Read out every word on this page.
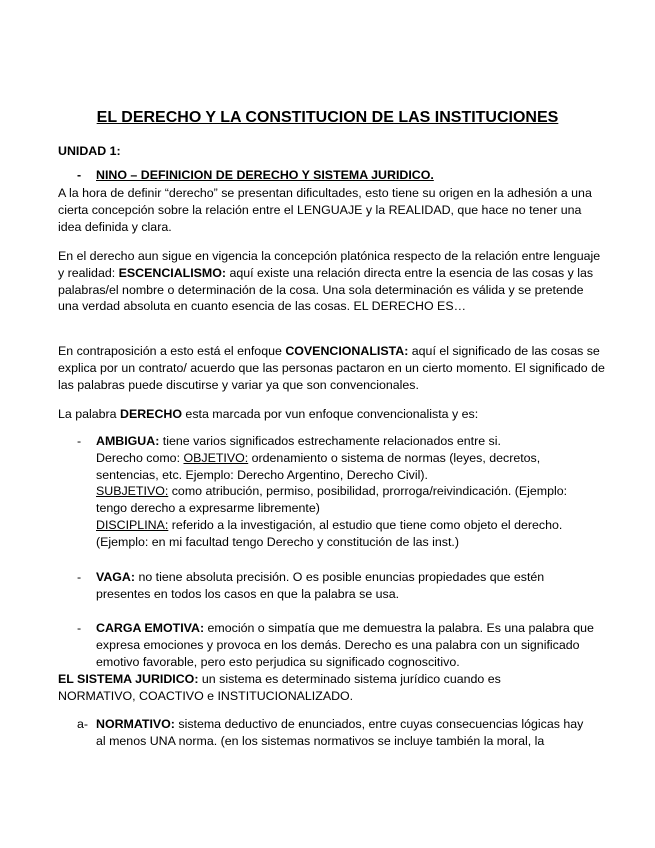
EL DERECHO Y LA CONSTITUCION DE LAS INSTITUCIONES

UNIDAD 1:

- NINO – DEFINICION DE DERECHO Y SISTEMA JURIDICO.

A la hora de definir “derecho” se presentan dificultades, esto tiene su origen en la adhesión a una cierta concepción sobre la relación entre el LENGUAJE y la REALIDAD, que hace no tener una idea definida y clara.

En el derecho aun sigue en vigencia la concepción platónica respecto de la relación entre lenguaje y realidad: ESCENCIALISMO: aquí existe una relación directa entre la esencia de las cosas y las palabras/el nombre o determinación de la cosa. Una sola determinación es válida y se pretende una verdad absoluta en cuanto esencia de las cosas. EL DERECHO ES…

En contraposición a esto está el enfoque COVENCIONALISTA: aquí el significado de las cosas se explica por un contrato/ acuerdo que las personas pactaron en un cierto momento. El significado de las palabras puede discutirse y variar ya que son convencionales.

La palabra DERECHO esta marcada por vun enfoque convencionalista y es:

- AMBIGUA: tiene varios significados estrechamente relacionados entre si.

Derecho como: OBJETIVO: ordenamiento o sistema de normas (leyes, decretos, sentencias, etc. Ejemplo: Derecho Argentino, Derecho Civil).

SUBJETIVO: como atribución, permiso, posibilidad, prorroga/reivindicación. (Ejemplo: tengo derecho a expresarme libremente)

DISCIPLINA: referido a la investigación, al estudio que tiene como objeto el derecho. (Ejemplo: en mi facultad tengo Derecho y constitución de las inst.)

- VAGA: no tiene absoluta precisión. O es posible enuncias propiedades que estén presentes en todos los casos en que la palabra se usa.

- CARGA EMOTIVA: emoción o simpatía que me demuestra la palabra. Es una palabra que expresa emociones y provoca en los demás. Derecho es una palabra con un significado emotivo favorable, pero esto perjudica su significado cognoscitivo.

EL SISTEMA JURIDICO: un sistema es determinado sistema jurídico cuando es NORMATIVO, COACTIVO e INSTITUCIONALIZADO.

a- NORMATIVO: sistema deductivo de enunciados, entre cuyas consecuencias lógicas hay al menos UNA norma. (en los sistemas normativos se incluye también la moral, la
